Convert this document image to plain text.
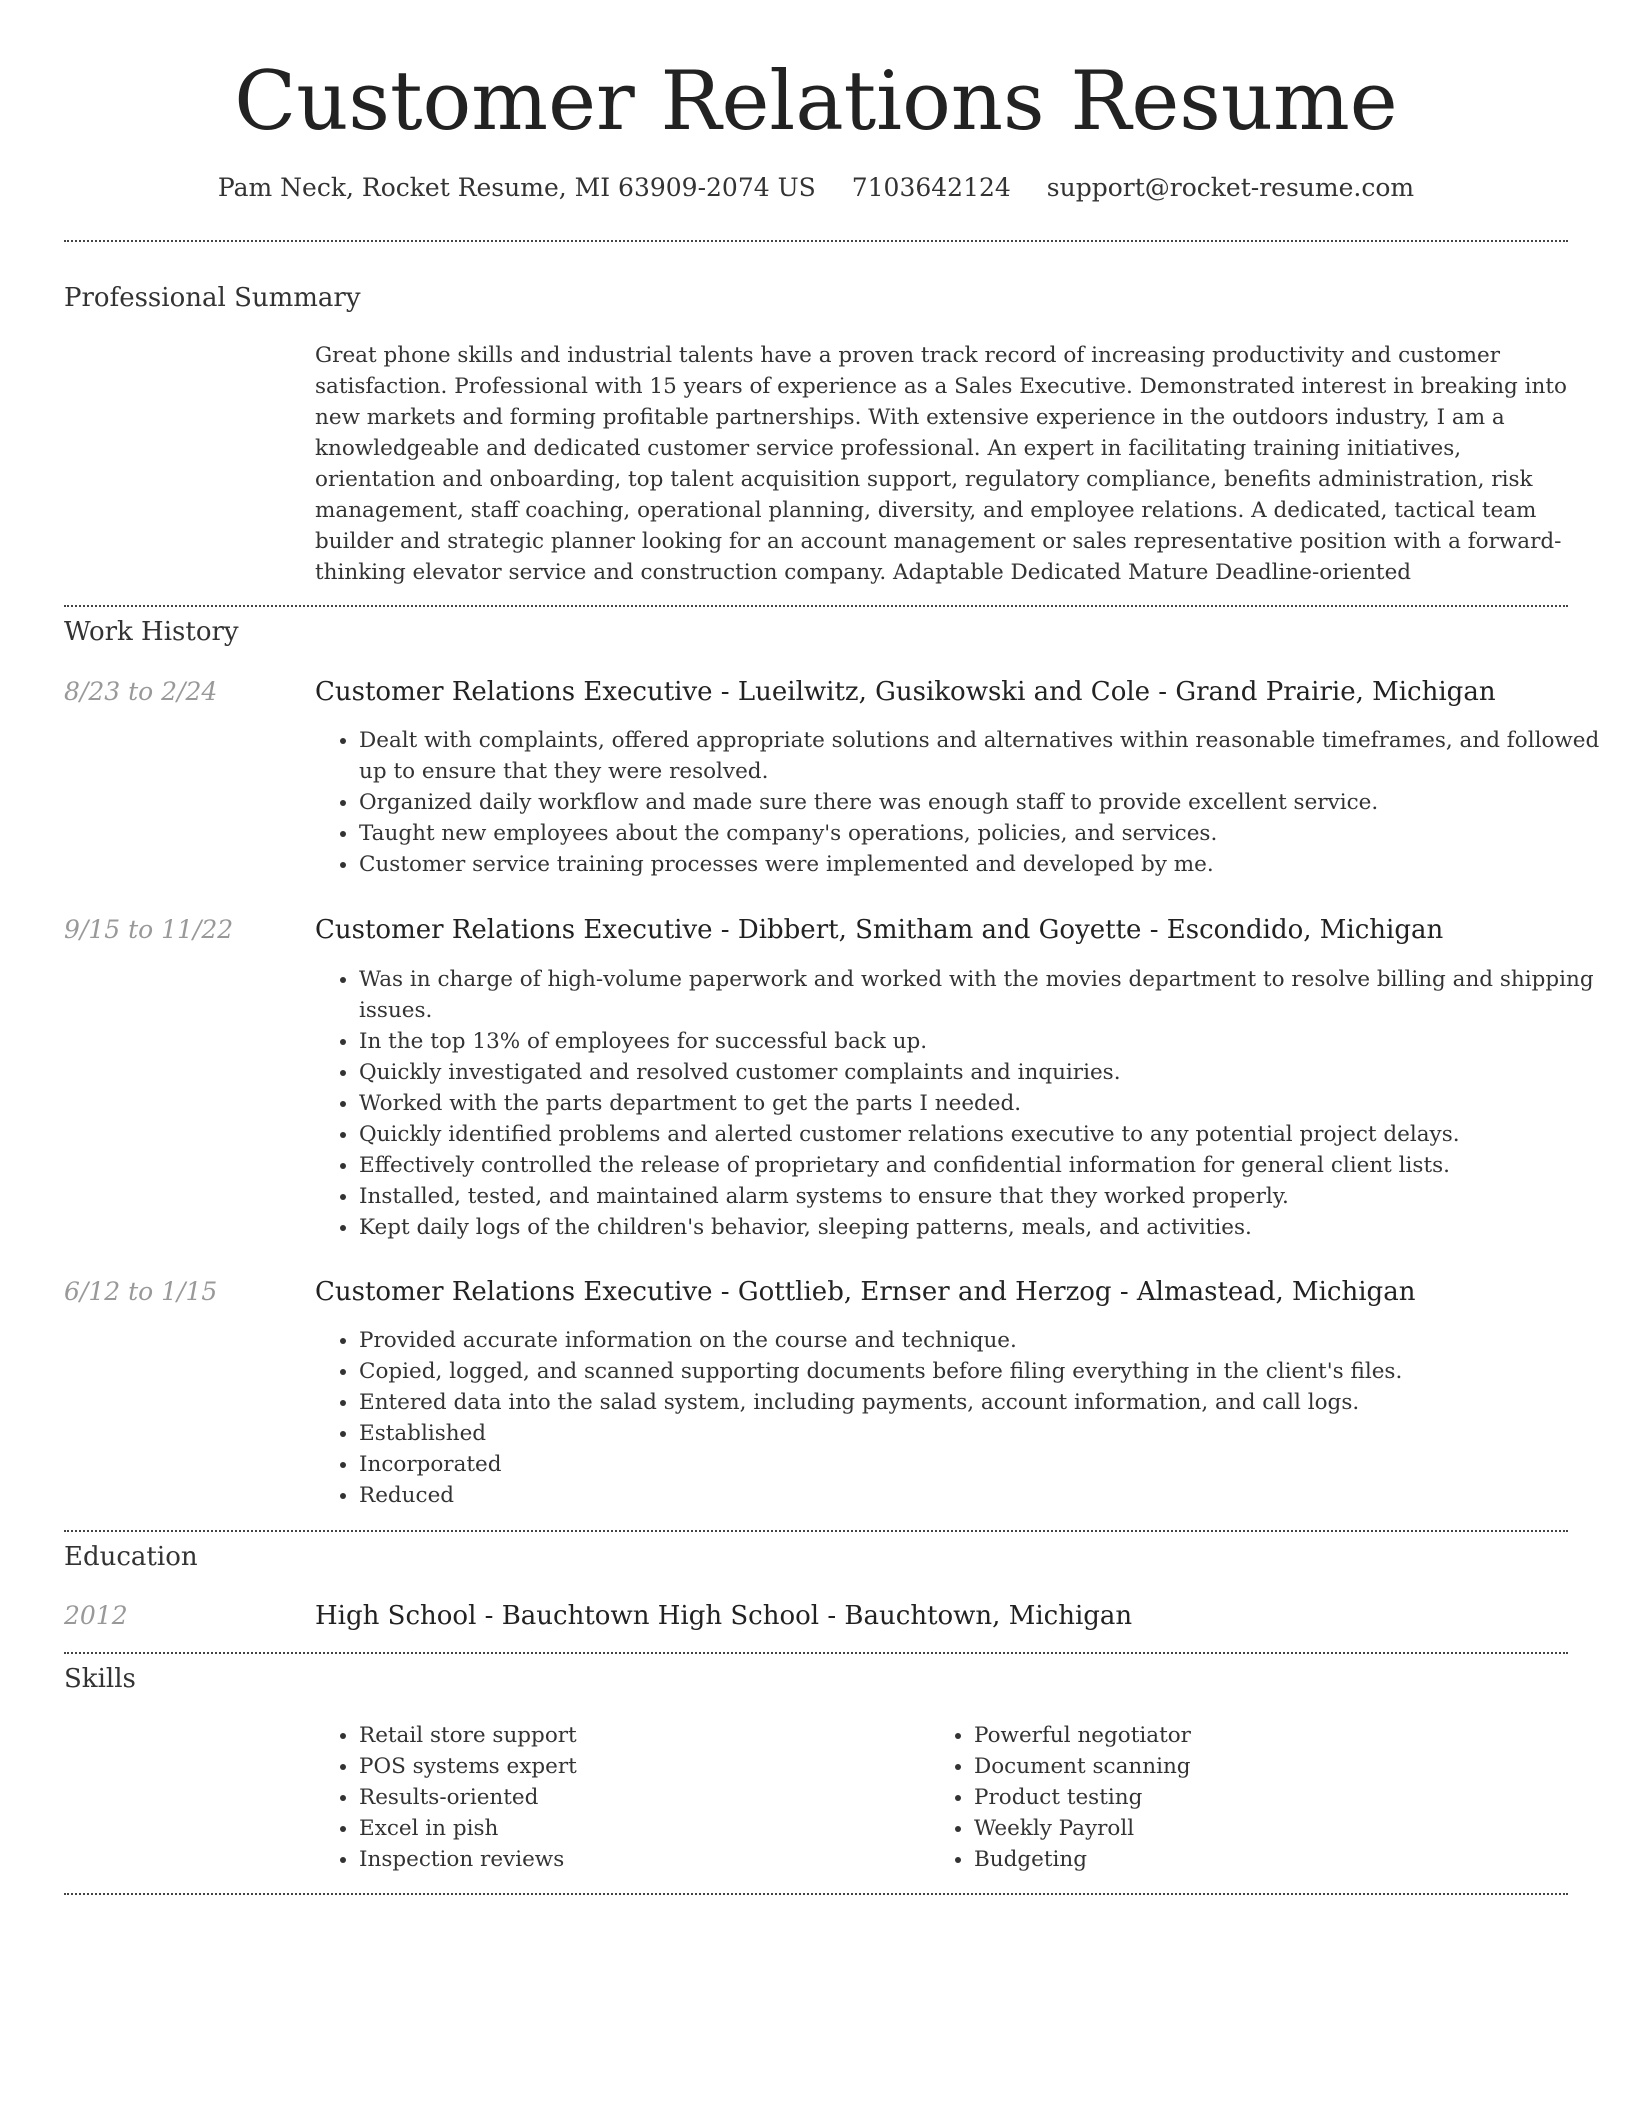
Customer Relations Resume
Pam Neck, Rocket Resume, MI 63909-2074 US 7103642124 support@rocket-resume.com
Professional Summary

Great phone skills and industrial talents have a proven track record of increasing productivity and customer satisfaction. Professional with 15 years of experience as a Sales Executive. Demonstrated interest in breaking into new markets and forming profitable partnerships. With extensive experience in the outdoors industry, I am a knowledgeable and dedicated customer service professional. An expert in facilitating training initiatives, orientation and onboarding, top talent acquisition support, regulatory compliance, benefits administration, risk management, staff coaching, operational planning, diversity, and employee relations. A dedicated, tactical team builder and strategic planner looking for an account management or sales representative position with a forward-thinking elevator service and construction company. Adaptable Dedicated Mature Deadline-oriented

Work History
8/23 to 2/24	Customer Relations Executive - Lueilwitz, Gusikowski and Cole - Grand Prairie, Michigan
• Dealt with complaints, offered appropriate solutions and alternatives within reasonable timeframes, and followed up to ensure that they were resolved.
• Organized daily workflow and made sure there was enough staff to provide excellent service.
• Taught new employees about the company's operations, policies, and services.
• Customer service training processes were implemented and developed by me.
9/15 to 11/22	Customer Relations Executive - Dibbert, Smitham and Goyette - Escondido, Michigan
• Was in charge of high-volume paperwork and worked with the movies department to resolve billing and shipping issues.
• In the top 13% of employees for successful back up.
• Quickly investigated and resolved customer complaints and inquiries.
• Worked with the parts department to get the parts I needed.
• Quickly identified problems and alerted customer relations executive to any potential project delays.
• Effectively controlled the release of proprietary and confidential information for general client lists.
• Installed, tested, and maintained alarm systems to ensure that they worked properly.
• Kept daily logs of the children's behavior, sleeping patterns, meals, and activities.
6/12 to 1/15	Customer Relations Executive - Gottlieb, Ernser and Herzog - Almastead, Michigan
• Provided accurate information on the course and technique.
• Copied, logged, and scanned supporting documents before filing everything in the client's files.
• Entered data into the salad system, including payments, account information, and call logs.
• Established
• Incorporated
• Reduced
Education
2012	High School - Bauchtown High School - Bauchtown, Michigan
Skills
• Retail store support
• POS systems expert
• Results-oriented
• Excel in pish
• Inspection reviews
• Powerful negotiator
• Document scanning
• Product testing
• Weekly Payroll
• Budgeting
